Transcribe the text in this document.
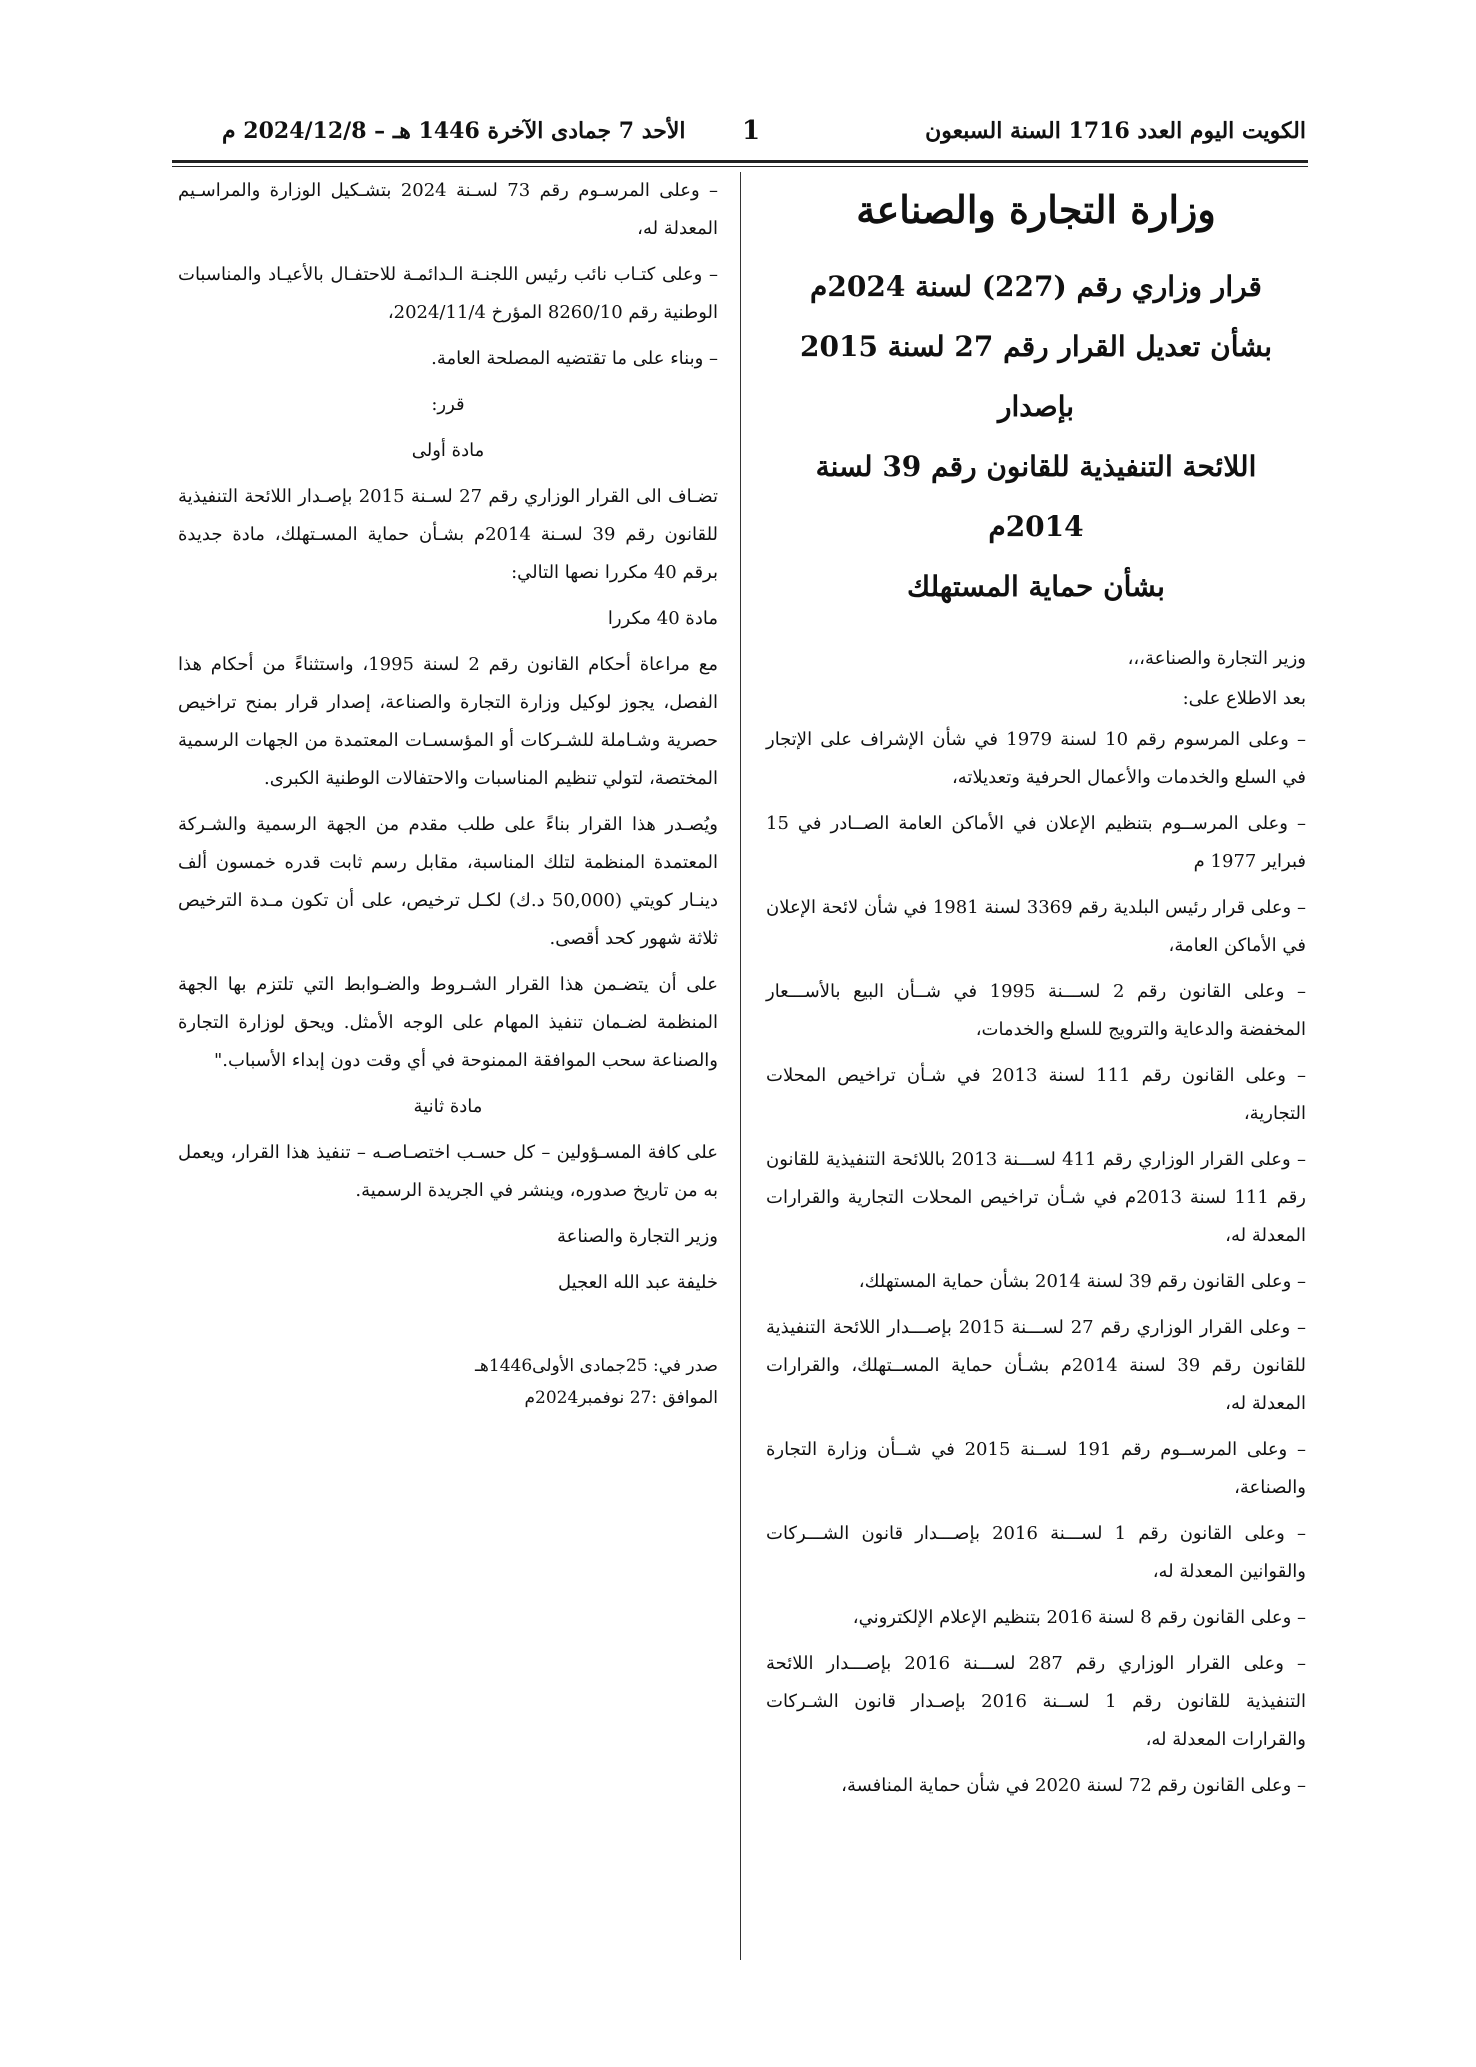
الكويت اليوم العدد 1716 السنة السبعون
1
الأحد 7 جمادى الآخرة 1446 هـ – 2024/12/8 م
وزارة التجارة والصناعة
قرار وزاري رقم (227) لسنة 2024م
بشأن تعديل القرار رقم 27 لسنة 2015 بإصدار
اللائحة التنفيذية للقانون رقم 39 لسنة 2014م
بشأن حماية المستهلك
وزير التجارة والصناعة،،،
بعد الاطلاع على:

– وعلى المرسوم رقم 10 لسنة 1979 في شأن الإشراف على الإتجار في السلع والخدمات والأعمال الحرفية وتعديلاته،

– وعلى المرســوم بتنظيم الإعلان في الأماكن العامة الصــادر في 15 فبراير 1977 م

– وعلى قرار رئيس البلدية رقم 3369 لسنة 1981 في شأن لائحة الإعلان في الأماكن العامة،

– وعلى القانون رقم 2 لســـنة 1995 في شــأن البيع بالأســـعار المخفضة والدعاية والترويج للسلع والخدمات،

– وعلى القانون رقم 111 لسنة 2013 في شـأن تراخيص المحلات التجارية،

– وعلى القرار الوزاري رقم 411 لســـنة 2013 باللائحة التنفيذية للقانون رقم 111 لسنة 2013م في شـأن تراخيص المحلات التجارية والقرارات المعدلة له،

– وعلى القانون رقم 39 لسنة 2014 بشأن حماية المستهلك،

– وعلى القرار الوزاري رقم 27 لســـنة 2015 بإصـــدار اللائحة التنفيذية للقانون رقم 39 لسنة 2014م بشـأن حماية المســتهلك، والقرارات المعدلة له،

– وعلى المرســوم رقم 191 لســنة 2015 في شــأن وزارة التجارة والصناعة،

– وعلى القانون رقم 1 لســـنة 2016 بإصـــدار قانون الشـــركات والقوانين المعدلة له،

– وعلى القانون رقم 8 لسنة 2016 بتنظيم الإعلام الإلكتروني،

– وعلى القرار الوزاري رقم 287 لســـنة 2016 بإصـــدار اللائحة التنفيذية للقانون رقم 1 لســنة 2016 بإصـدار قانون الشـركات والقرارات المعدلة له،

– وعلى القانون رقم 72 لسنة 2020 في شأن حماية المنافسة،

– وعلى المرسـوم رقم 73 لسـنة 2024 بتشـكيل الوزارة والمراسـيم المعدلة له،

– وعلى كتـاب نائب رئيس اللجنـة الـدائمـة للاحتفـال بالأعيـاد والمناسبات الوطنية رقم 8260/10 المؤرخ 2024/11/4،

– وبناء على ما تقتضيه المصلحة العامة.

قرر:

مادة أولى

تضـاف الى القرار الوزاري رقم 27 لسـنة 2015 بإصـدار اللائحة التنفيذية للقانون رقم 39 لسـنة 2014م بشـأن حماية المسـتهلك، مادة جديدة برقم 40 مكررا نصها التالي:

مادة 40 مكررا

مع مراعاة أحكام القانون رقم 2 لسنة 1995، واستثناءً من أحكام هذا الفصل، يجوز لوكيل وزارة التجارة والصناعة، إصدار قرار بمنح تراخيص حصرية وشـاملة للشـركات أو المؤسسـات المعتمدة من الجهات الرسمية المختصة، لتولي تنظيم المناسبات والاحتفالات الوطنية الكبرى.

ويُصـدر هذا القرار بناءً على طلب مقدم من الجهة الرسمية والشـركة المعتمدة المنظمة لتلك المناسبة، مقابل رسم ثابت قدره خمسون ألف دينـار كويتي (50,000 د.ك) لكـل ترخيص، على أن تكون مـدة الترخيص ثلاثة شهور كحد أقصى.

على أن يتضـمن هذا القرار الشـروط والضـوابط التي تلتزم بها الجهة المنظمة لضـمان تنفيذ المهام على الوجه الأمثل. ويحق لوزارة التجارة والصناعة سحب الموافقة الممنوحة في أي وقت دون إبداء الأسباب."

مادة ثانية

على كافة المسـؤولين – كل حسـب اختصـاصـه – تنفيذ هذا القرار، ويعمل به من تاريخ صدوره، وينشر في الجريدة الرسمية.

وزير التجارة والصناعة

خليفة عبد الله العجيل

صدر في: 25جمادى الأولى1446هـ

الموافق :27 نوفمبر2024م
